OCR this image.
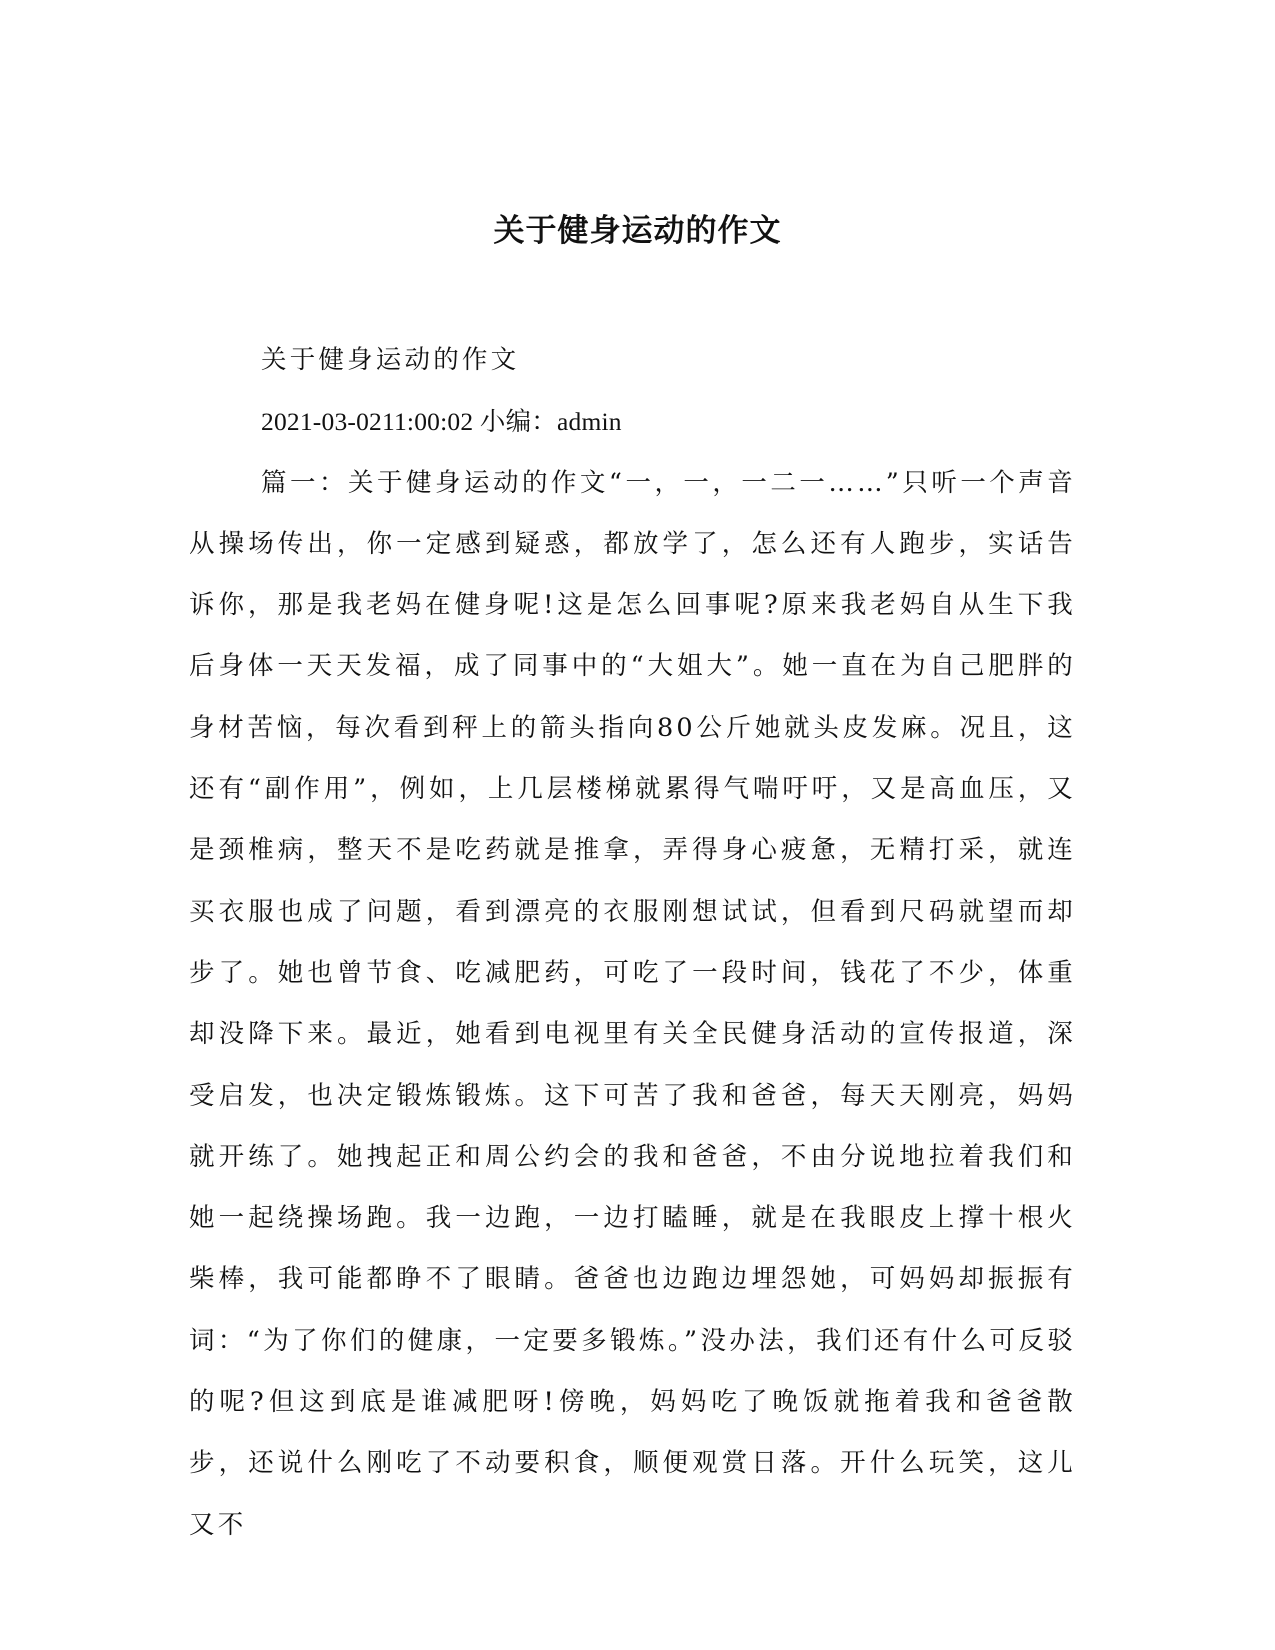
关于健身运动的作文

关于健身运动的作文

2021-03-0211:00:02 小编：admin

篇一：关于健身运动的作文“一，一，一二一……”只听一个声音从操场传出，你一定感到疑惑，都放学了，怎么还有人跑步，实话告诉你，那是我老妈在健身呢!这是怎么回事呢?原来我老妈自从生下我后身体一天天发福，成了同事中的“大姐大”。她一直在为自己肥胖的身材苦恼，每次看到秤上的箭头指向80公斤她就头皮发麻。况且，这还有“副作用”，例如，上几层楼梯就累得气喘吁吁，又是高血压，又是颈椎病，整天不是吃药就是推拿，弄得身心疲惫，无精打采，就连买衣服也成了问题，看到漂亮的衣服刚想试试，但看到尺码就望而却步了。她也曾节食、吃减肥药，可吃了一段时间，钱花了不少，体重却没降下来。最近，她看到电视里有关全民健身活动的宣传报道，深受启发，也决定锻炼锻炼。这下可苦了我和爸爸，每天天刚亮，妈妈就开练了。她拽起正和周公约会的我和爸爸，不由分说地拉着我们和她一起绕操场跑。我一边跑，一边打瞌睡，就是在我眼皮上撑十根火柴棒，我可能都睁不了眼睛。爸爸也边跑边埋怨她，可妈妈却振振有词：“为了你们的健康，一定要多锻炼。”没办法，我们还有什么可反驳的呢?但这到底是谁减肥呀!傍晚，妈妈吃了晚饭就拖着我和爸爸散步，还说什么刚吃了不动要积食，顺便观赏日落。开什么玩笑，这儿又不
